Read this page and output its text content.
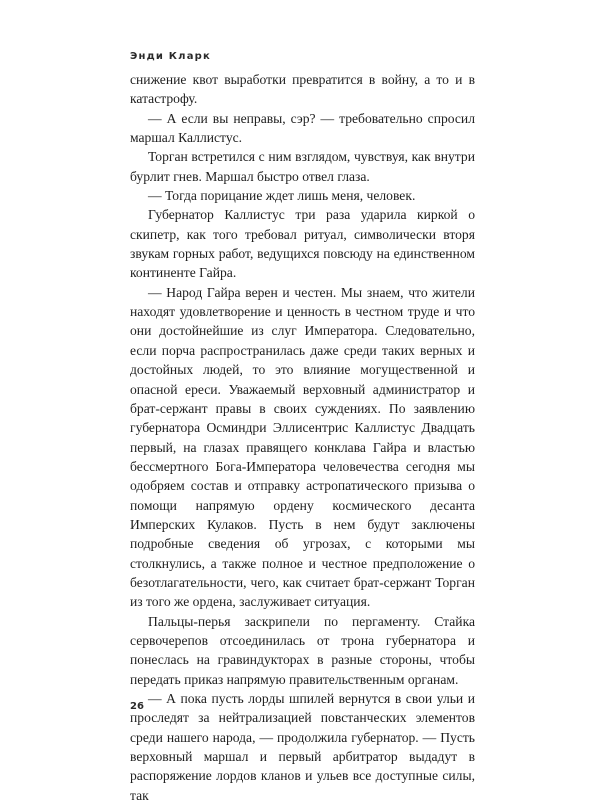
Энди Кларк

снижение квот выработки превратится в войну, а то и в катастрофу.

— А если вы неправы, сэр? — требовательно спросил маршал Каллистус.

Торган встретился с ним взглядом, чувствуя, как внутри бурлит гнев. Маршал быстро отвел глаза.

— Тогда порицание ждет лишь меня, человек.

Губернатор Каллистус три раза ударила киркой о скипетр, как того требовал ритуал, символически вторя звукам горных работ, ведущихся повсюду на единственном континенте Гайра.

— Народ Гайра верен и честен. Мы знаем, что жители находят удовлетворение и ценность в честном труде и что они достойнейшие из слуг Императора. Следовательно, если порча распространилась даже среди таких верных и достойных людей, то это влияние могущественной и опасной ереси. Уважаемый верховный администратор и брат-сержант правы в своих суждениях. По заявлению губернатора Осминдри Эллисентрис Каллистус Двадцать первый, на глазах правящего конклава Гайра и властью бессмертного Бога-Императора человечества сегодня мы одобряем состав и отправку астропатического призыва о помощи напрямую ордену космического десанта Имперских Кулаков. Пусть в нем будут заключены подробные сведения об угрозах, с которыми мы столкнулись, а также полное и честное предположение о безотлагательности, чего, как считает брат-сержант Торган из того же ордена, заслуживает ситуация.

Пальцы-перья заскрипели по пергаменту. Стайка сервочерепов отсоединилась от трона губернатора и понеслась на гравиндукторах в разные стороны, чтобы передать приказ напрямую правительственным органам.

— А пока пусть лорды шпилей вернутся в свои ульи и проследят за нейтрализацией повстанческих элементов среди нашего народа, — продолжила губернатор. — Пусть верховный маршал и первый арбитратор выдадут в распоряжение лордов кланов и ульев все доступные силы, так

26
